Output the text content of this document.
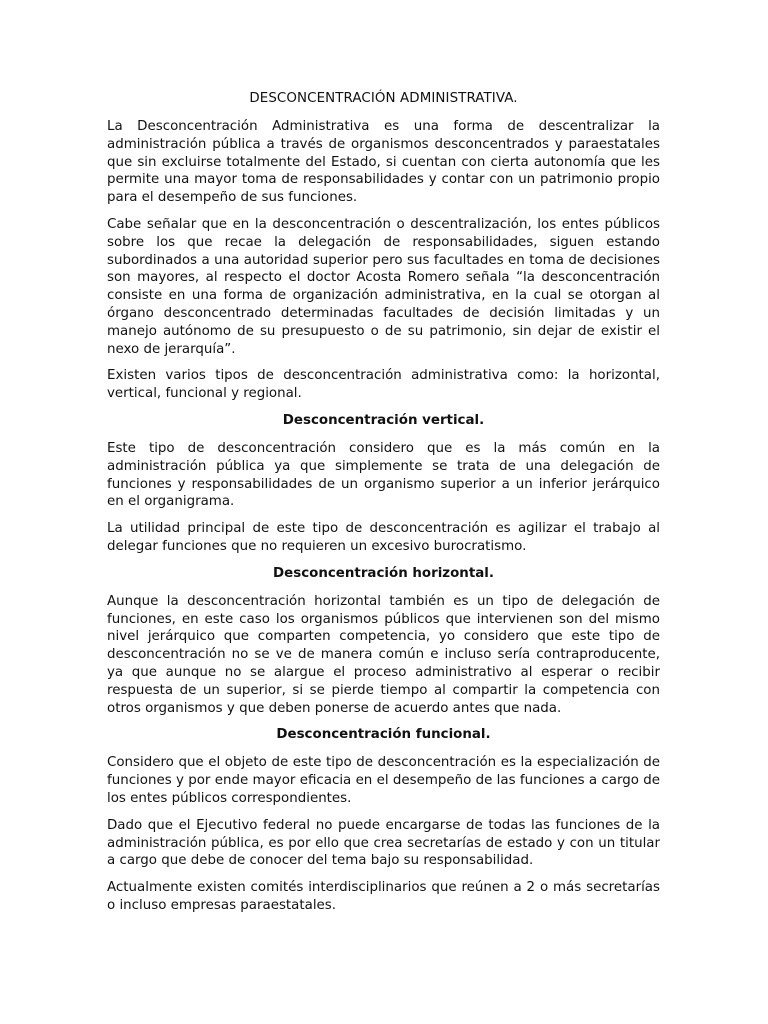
DESCONCENTRACIÓN ADMINISTRATIVA.

La Desconcentración Administrativa es una forma de descentralizar la administración pública a través de organismos desconcentrados y paraestatales que sin excluirse totalmente del Estado, si cuentan con cierta autonomía que les permite una mayor toma de responsabilidades y contar con un patrimonio propio para el desempeño de sus funciones.

Cabe señalar que en la desconcentración o descentralización, los entes públicos sobre los que recae la delegación de responsabilidades, siguen estando subordinados a una autoridad superior pero sus facultades en toma de decisiones son mayores, al respecto el doctor Acosta Romero señala “la desconcentración consiste en una forma de organización administrativa, en la cual se otorgan al órgano desconcentrado determinadas facultades de decisión limitadas y un manejo autónomo de su presupuesto o de su patrimonio, sin dejar de existir el nexo de jerarquía”.

Existen varios tipos de desconcentración administrativa como: la horizontal, vertical, funcional y regional.

Desconcentración vertical.

Este tipo de desconcentración considero que es la más común en la administración pública ya que simplemente se trata de una delegación de funciones y responsabilidades de un organismo superior a un inferior jerárquico en el organigrama.

La utilidad principal de este tipo de desconcentración es agilizar el trabajo al delegar funciones que no requieren un excesivo burocratismo.

Desconcentración horizontal.

Aunque la desconcentración horizontal también es un tipo de delegación de funciones, en este caso los organismos públicos que intervienen son del mismo nivel jerárquico que comparten competencia, yo considero que este tipo de desconcentración no se ve de manera común e incluso sería contraproducente, ya que aunque no se alargue el proceso administrativo al esperar o recibir respuesta de un superior, si se pierde tiempo al compartir la competencia con otros organismos y que deben ponerse de acuerdo antes que nada.

Desconcentración funcional.

Considero que el objeto de este tipo de desconcentración es la especialización de funciones y por ende mayor eficacia en el desempeño de las funciones a cargo de los entes públicos correspondientes.

Dado que el Ejecutivo federal no puede encargarse de todas las funciones de la administración pública, es por ello que crea secretarías de estado y con un titular a cargo que debe de conocer del tema bajo su responsabilidad.

Actualmente existen comités interdisciplinarios que reúnen a 2 o más secretarías o incluso empresas paraestatales.
